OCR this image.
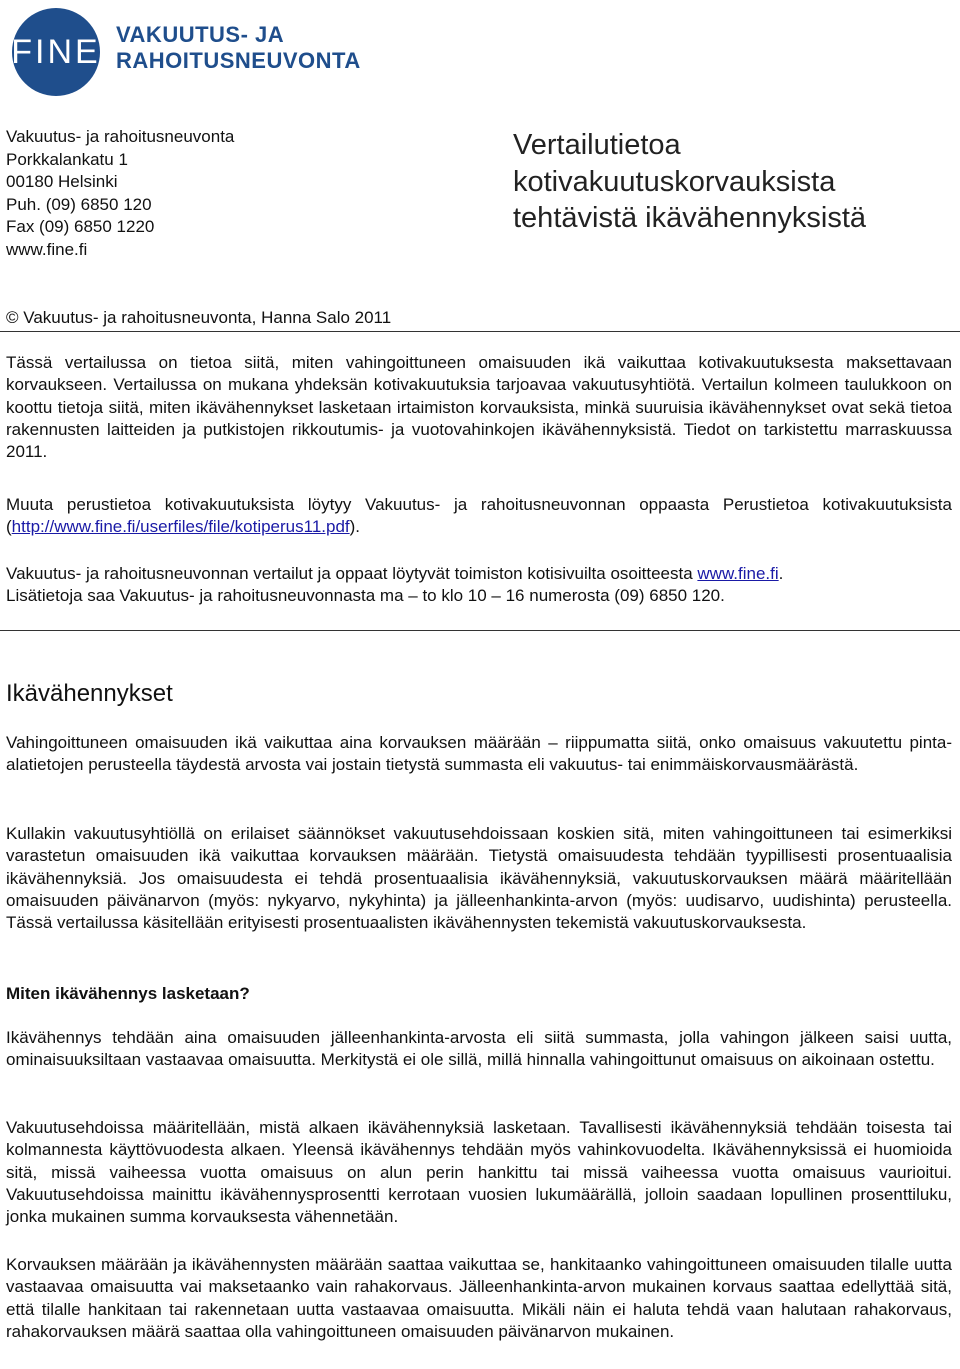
FINE VAKUUTUS- JA
RAHOITUSNEUVONTA
Vakuutus- ja rahoitusneuvonta
Porkkalankatu 1
00180 Helsinki
Puh. (09) 6850 120
Fax (09) 6850 1220
www.fine.fi
Vertailutietoa
kotivakuutuskorvauksista
tehtävistä ikävähennyksistä
© Vakuutus- ja rahoitusneuvonta, Hanna Salo 2011

Tässä vertailussa on tietoa siitä, miten vahingoittuneen omaisuuden ikä vaikuttaa kotivakuutuksesta maksettavaan korvaukseen. Vertailussa on mukana yhdeksän kotivakuutuksia tarjoavaa vakuutusyhtiötä. Vertailun kolmeen taulukkoon on koottu tietoja siitä, miten ikävähennykset lasketaan irtaimiston korvauksista, minkä suuruisia ikävähennykset ovat sekä tietoa rakennusten laitteiden ja putkistojen rikkoutumis- ja vuotovahinkojen ikävähennyksistä. Tiedot on tarkistettu marraskuussa 2011.

Muuta perustietoa kotivakuutuksista löytyy Vakuutus- ja rahoitusneuvonnan oppaasta Perustietoa kotivakuutuksista (http://www.fine.fi/userfiles/file/kotiperus11.pdf).

Vakuutus- ja rahoitusneuvonnan vertailut ja oppaat löytyvät toimiston kotisivuilta osoitteesta www.fine.fi.
Lisätietoja saa Vakuutus- ja rahoitusneuvonnasta ma – to klo 10 – 16 numerosta (09) 6850 120.

Ikävähennykset

Vahingoittuneen omaisuuden ikä vaikuttaa aina korvauksen määrään – riippumatta siitä, onko omaisuus vakuutettu pinta-alatietojen perusteella täydestä arvosta vai jostain tietystä summasta eli vakuutus- tai enimmäiskorvausmäärästä.

Kullakin vakuutusyhtiöllä on erilaiset säännökset vakuutusehdoissaan koskien sitä, miten vahingoittuneen tai esimerkiksi varastetun omaisuuden ikä vaikuttaa korvauksen määrään. Tietystä omaisuudesta tehdään tyypillisesti prosentuaalisia ikävähennyksiä. Jos omaisuudesta ei tehdä prosentuaalisia ikävähennyksiä, vakuutuskorvauksen määrä määritellään omaisuuden päivänarvon (myös: nykyarvo, nykyhinta) ja jälleenhankinta-arvon (myös: uudisarvo, uudishinta) perusteella. Tässä vertailussa käsitellään erityisesti prosentuaalisten ikävähennysten tekemistä vakuutuskorvauksesta.

Miten ikävähennys lasketaan?

Ikävähennys tehdään aina omaisuuden jälleenhankinta-arvosta eli siitä summasta, jolla vahingon jälkeen saisi uutta, ominaisuuksiltaan vastaavaa omaisuutta. Merkitystä ei ole sillä, millä hinnalla vahingoittunut omaisuus on aikoinaan ostettu.

Vakuutusehdoissa määritellään, mistä alkaen ikävähennyksiä lasketaan. Tavallisesti ikävähennyksiä tehdään toisesta tai kolmannesta käyttövuodesta alkaen. Yleensä ikävähennys tehdään myös vahinkovuodelta. Ikävähennyksissä ei huomioida sitä, missä vaiheessa vuotta omaisuus on alun perin hankittu tai missä vaiheessa vuotta omaisuus vaurioitui. Vakuutusehdoissa mainittu ikävähennysprosentti kerrotaan vuosien lukumäärällä, jolloin saadaan lopullinen prosenttiluku, jonka mukainen summa korvauksesta vähennetään.

Korvauksen määrään ja ikävähennysten määrään saattaa vaikuttaa se, hankitaanko vahingoittuneen omaisuuden tilalle uutta vastaavaa omaisuutta vai maksetaanko vain rahakorvaus. Jälleenhankinta-arvon mukainen korvaus saattaa edellyttää sitä, että tilalle hankitaan tai rakennetaan uutta vastaavaa omaisuutta. Mikäli näin ei haluta tehdä vaan halutaan rahakorvaus, rahakorvauksen määrä saattaa olla vahingoittuneen omaisuuden päivänarvon mukainen.
